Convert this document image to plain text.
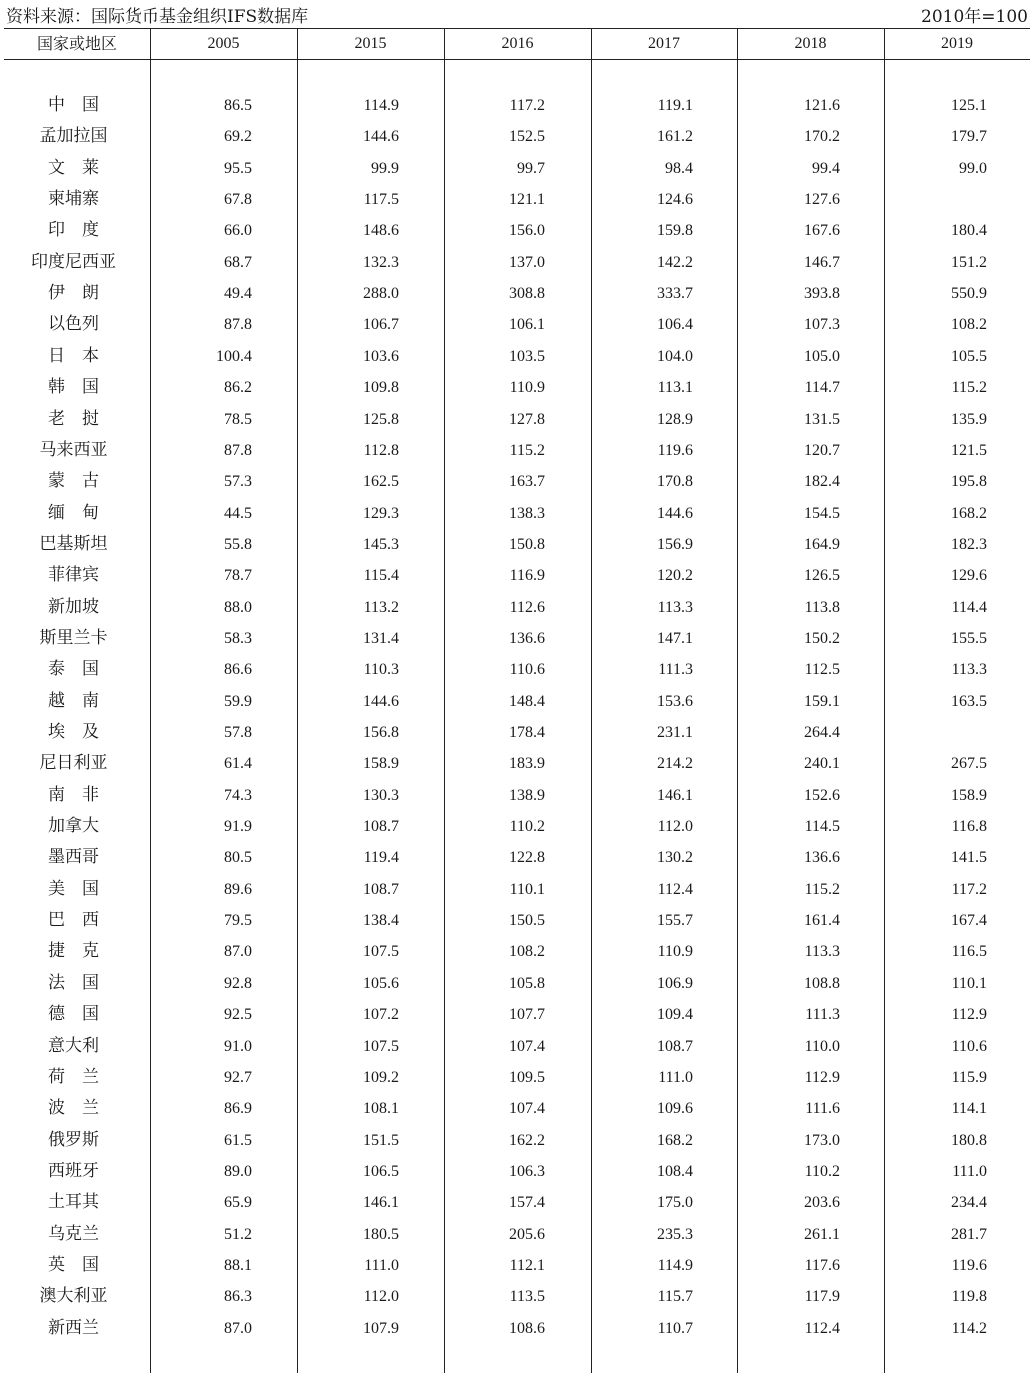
资料来源：国际货币基金组织IFS数据库	2010年=100
国家或地区	2005	2015	2016	2017	2018	2019
中　国	86.5	114.9	117.2	119.1	121.6	125.1
孟加拉国	69.2	144.6	152.5	161.2	170.2	179.7
文　莱	95.5	99.9	99.7	98.4	99.4	99.0
柬埔寨	67.8	117.5	121.1	124.6	127.6
印　度	66.0	148.6	156.0	159.8	167.6	180.4
印度尼西亚	68.7	132.3	137.0	142.2	146.7	151.2
伊　朗	49.4	288.0	308.8	333.7	393.8	550.9
以色列	87.8	106.7	106.1	106.4	107.3	108.2
日　本	100.4	103.6	103.5	104.0	105.0	105.5
韩　国	86.2	109.8	110.9	113.1	114.7	115.2
老　挝	78.5	125.8	127.8	128.9	131.5	135.9
马来西亚	87.8	112.8	115.2	119.6	120.7	121.5
蒙　古	57.3	162.5	163.7	170.8	182.4	195.8
缅　甸	44.5	129.3	138.3	144.6	154.5	168.2
巴基斯坦	55.8	145.3	150.8	156.9	164.9	182.3
菲律宾	78.7	115.4	116.9	120.2	126.5	129.6
新加坡	88.0	113.2	112.6	113.3	113.8	114.4
斯里兰卡	58.3	131.4	136.6	147.1	150.2	155.5
泰　国	86.6	110.3	110.6	111.3	112.5	113.3
越　南	59.9	144.6	148.4	153.6	159.1	163.5
埃　及	57.8	156.8	178.4	231.1	264.4
尼日利亚	61.4	158.9	183.9	214.2	240.1	267.5
南　非	74.3	130.3	138.9	146.1	152.6	158.9
加拿大	91.9	108.7	110.2	112.0	114.5	116.8
墨西哥	80.5	119.4	122.8	130.2	136.6	141.5
美　国	89.6	108.7	110.1	112.4	115.2	117.2
巴　西	79.5	138.4	150.5	155.7	161.4	167.4
捷　克	87.0	107.5	108.2	110.9	113.3	116.5
法　国	92.8	105.6	105.8	106.9	108.8	110.1
德　国	92.5	107.2	107.7	109.4	111.3	112.9
意大利	91.0	107.5	107.4	108.7	110.0	110.6
荷　兰	92.7	109.2	109.5	111.0	112.9	115.9
波　兰	86.9	108.1	107.4	109.6	111.6	114.1
俄罗斯	61.5	151.5	162.2	168.2	173.0	180.8
西班牙	89.0	106.5	106.3	108.4	110.2	111.0
土耳其	65.9	146.1	157.4	175.0	203.6	234.4
乌克兰	51.2	180.5	205.6	235.3	261.1	281.7
英　国	88.1	111.0	112.1	114.9	117.6	119.6
澳大利亚	86.3	112.0	113.5	115.7	117.9	119.8
新西兰	87.0	107.9	108.6	110.7	112.4	114.2
